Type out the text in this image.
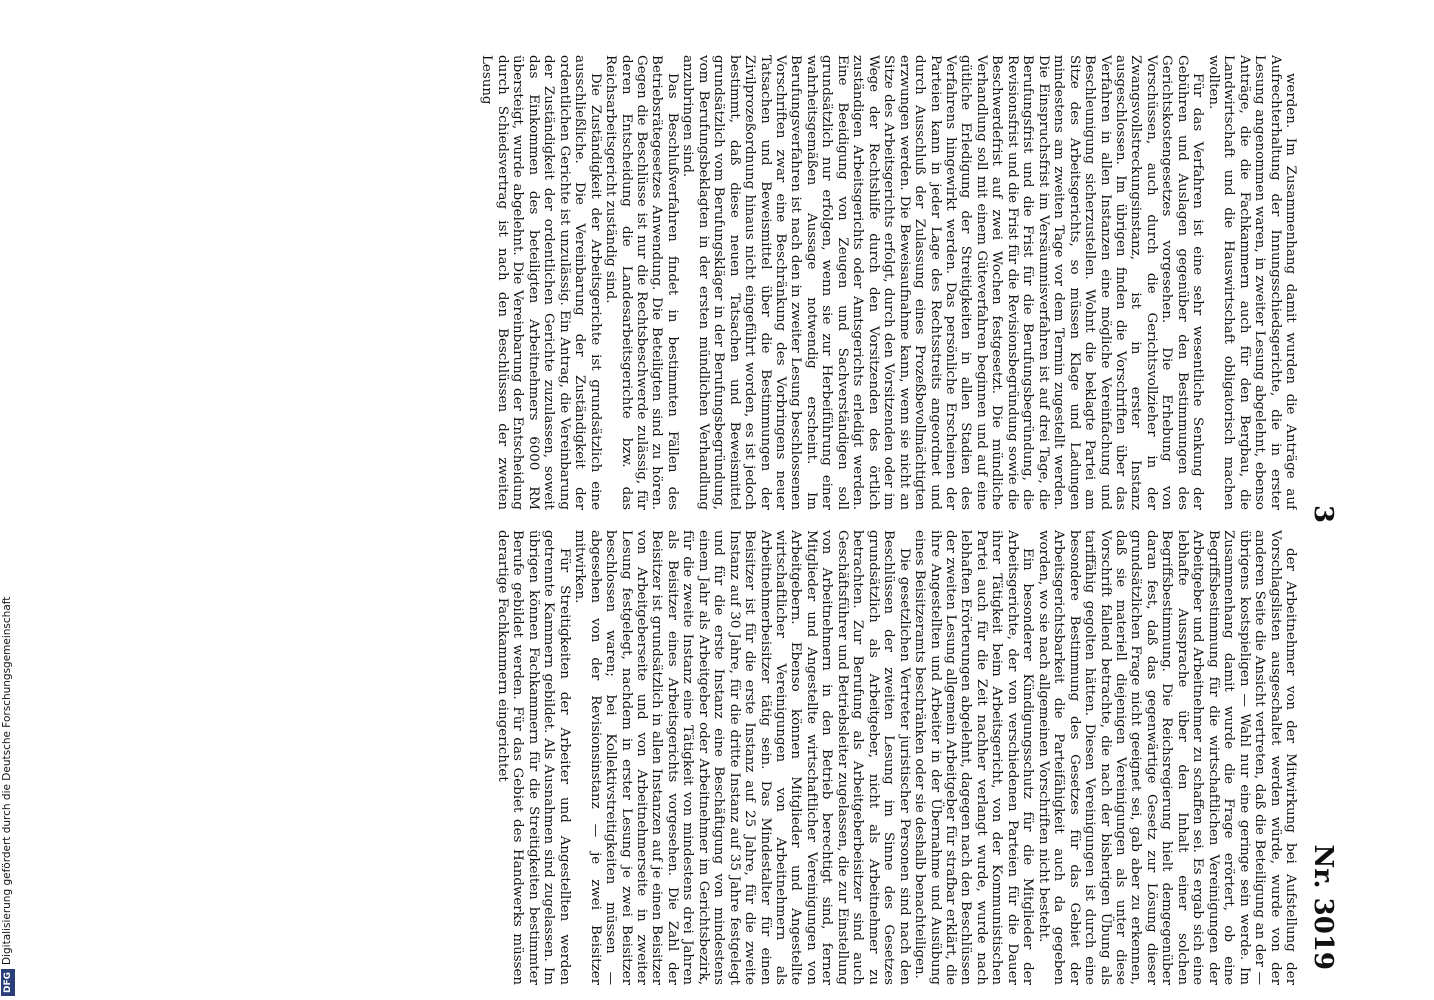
3
Nr. 3019

werden. Im Zusammenhang damit wurden die Anträge auf Aufrechterhaltung der Innungsschiedsgerichte, die in erster Lesung angenommen waren, in zweiter Lesung abgelehnt, ebenso Anträge, die die Fachkammern auch für den Bergbau, die Landwirtschaft und die Hauswirtschaft obligatorisch machen wollten.

Für das Verfahren ist eine sehr wesentliche Senkung der Gebühren und Auslagen gegenüber den Bestimmungen des Gerichtskostengesetzes vorgesehen. Die Erhebung von Vorschüssen, auch durch die Gerichtsvollzieher in der Zwangsvollstreckungsinstanz, ist in erster Instanz ausgeschlossen. Im übrigen finden die Vorschriften über das Verfahren in allen Instanzen eine mögliche Vereinfachung und Beschleunigung sicherzustellen. Wohnt die beklagte Partei am Sitze des Arbeitsgerichts, so müssen Klage und Ladungen mindestens am zweiten Tage vor dem Termin zugestellt werden. Die Einspruchsfrist im Versäumnisverfahren ist auf drei Tage, die Berufungsfrist und die Frist für die Berufungsbegründung, die Revisionsfrist und die Frist für die Revisionsbegründung sowie die Beschwerdefrist auf zwei Wochen festgesetzt. Die mündliche Verhandlung soll mit einem Güteverfahren beginnen und auf eine gütliche Erledigung der Streitigkeiten in allen Stadien des Verfahrens hingewirkt werden. Das persönliche Erscheinen der Parteien kann in jeder Lage des Rechtsstreits angeordnet und durch Ausschluß der Zulassung eines Prozeßbevollmächtigten erzwungen werden. Die Beweisaufnahme kann, wenn sie nicht an Sitze des Arbeitsgerichts erfolgt, durch den Vorsitzenden oder im Wege der Rechtshilfe durch den Vorsitzenden des örtlich zuständigen Arbeitsgerichts oder Amtsgerichts erledigt werden. Eine Beeidigung von Zeugen und Sachverständigen soll grundsätzlich nur erfolgen, wenn sie zur Herbeiführung einer wahrheitsgemäßen Aussage notwendig erscheint. Im Berufungsverfahren ist nach den in zweiter Lesung beschlossenen Vorschriften zwar eine Beschränkung des Vorbringens neuer Tatsachen und Beweismittel über die Bestimmungen der Zivilprozeßordnung hinaus nicht eingeführt worden, es ist jedoch bestimmt, daß diese neuen Tatsachen und Beweismittel grundsätzlich vom Berufungskläger in der Berufungsbegründung, vom Berufungsbeklagten in der ersten mündlichen Verhandlung anzubringen sind.

Das Beschlußverfahren findet in bestimmten Fällen des Betriebsrätegesetzes Anwendung. Die Beteiligten sind zu hören. Gegen die Beschlüsse ist nur die Rechtsbeschwerde zulässig, für deren Entscheidung die Landesarbeitsgerichte bzw. das Reichsarbeitsgericht zuständig sind.

Die Zuständigkeit der Arbeitsgerichte ist grundsätzlich eine ausschließliche. Die Vereinbarung der Zuständigkeit der ordentlichen Gerichte ist unzulässig. Ein Antrag, die Vereinbarung der Zuständigkeit der ordentlichen Gerichte zuzulassen, soweit das Einkommen des beteiligten Arbeitnehmers 6000 RM übersteigt, wurde abgelehnt. Die Vereinbarung der Entscheidung durch Schiedsvertrag ist nach den Beschlüssen der zweiten Lesung

der Arbeitnehmer von der Mitwirkung bei Aufstellung der Vorschlagslisten ausgeschaltet werden würde, wurde von der anderen Seite die Ansicht vertreten, daß die Beteiligung an der — übrigens kostspieligen — Wahl nur eine geringe sein werde. Im Zusammenhang damit wurde die Frage erörtert, ob eine Begriffsbestimmung für die wirtschaftlichen Vereinigungen der Arbeitgeber und Arbeitnehmer zu schaffen sei. Es ergab sich eine lebhafte Aussprache über den Inhalt einer solchen Begriffsbestimmung. Die Reichsregierung hielt demgegenüber daran fest, daß das gegenwärtige Gesetz zur Lösung dieser grundsätzlichen Frage nicht geeignet sei, gab aber zu erkennen, daß sie materiell diejenigen Vereinigungen als unter diese Vorschrift fallend betrachte, die nach der bisherigen Übung als tariffähig gegolten hätten. Diesen Vereinigungen ist durch eine besondere Bestimmung des Gesetzes für das Gebiet der Arbeitsgerichtsbarkeit die Parteifähigkeit auch da gegeben worden, wo sie nach allgemeinen Vorschriften nicht besteht.

Ein besonderer Kündigungsschutz für die Mitglieder der Arbeitsgerichte, der von verschiedenen Parteien für die Dauer ihrer Tätigkeit beim Arbeitsgericht, von der Kommunistischen Partei auch für die Zeit nachher verlangt wurde, wurde nach lebhaften Erörterungen abgelehnt, dagegen nach den Beschlüssen der zweiten Lesung allgemein Arbeitgeber für strafbar erklärt, die ihre Angestellten und Arbeiter in der Übernahme und Ausübung eines Beisitzeramts beschränken oder sie deshalb benachteiligen.

Die gesetzlichen Vertreter juristischer Personen sind nach den Beschlüssen der zweiten Lesung im Sinne des Gesetzes grundsätzlich als Arbeitgeber, nicht als Arbeitnehmer zu betrachten. Zur Berufung als Arbeitgeberbeisitzer sind auch Geschäftsführer und Betriebsleiter zugelassen, die zur Einstellung von Arbeitnehmern in den Betrieb berechtigt sind, ferner Mitglieder und Angestellte wirtschaftlicher Vereinigungen von Arbeitgebern. Ebenso können Mitglieder und Angestellte wirtschaftlicher Vereinigungen von Arbeitnehmern als Arbeitnehmerbeisitzer tätig sein. Das Mindestalter für einen Beisitzer ist für die erste Instanz auf 25 Jahre, für die zweite Instanz auf 30 Jahre, für die dritte Instanz auf 35 Jahre festgelegt und für die erste Instanz eine Beschäftigung von mindestens einem Jahr als Arbeitgeber oder Arbeitnehmer im Gerichtsbezirk, für die zweite Instanz eine Tätigkeit von mindestens drei Jahren als Beisitzer eines Arbeitsgerichts vorgesehen. Die Zahl der Beisitzer ist grundsätzlich in allen Instanzen auf je einen Beisitzer von Arbeitgeberseite und von Arbeitnehmerseite in zweiter Lesung festgelegt, nachdem in erster Lesung je zwei Beisitzer beschlossen waren; bei Kollektivstreitigkeiten müssen — abgesehen von der Revisionsinstanz — je zwei Beisitzer mitwirken.

Für Streitigkeiten der Arbeiter und Angestellten werden getrennte Kammern gebildet. Als Ausnahmen sind zugelassen. Im übrigen können Fachkammern für die Streitigkeiten bestimmter Berufe gebildet werden. Für das Gebiet des Handwerks müssen derartige Fachkammern eingerichtet

DFGDigitalisierung gefördert durch die Deutsche Forschungsgemeinschaft
